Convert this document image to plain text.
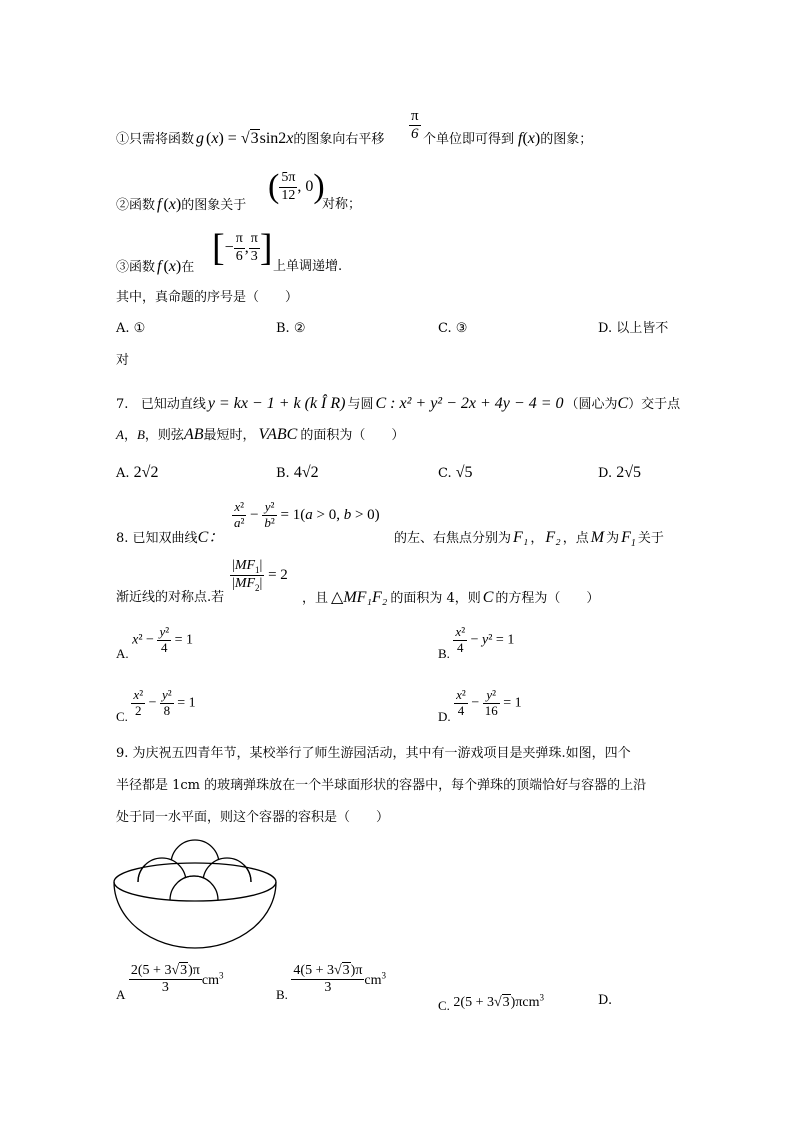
①只需将函数 g (x) = √3sin2x的图象向右平移 $\frac{\pi}{6}$ 个单位即可得到 f(x)的图象；
②函数 f (x)的图象关于
( $\frac{5\pi}{12}$ , 0)
对称；
③函数 f (x)在 [− $\frac{\pi}{6}$ , $\frac{\pi}{3}$ ] 上单调递增.
其中，真命题的序号是（　　）
A. ①	B. ②	C. ③	D. 以上皆不
对
7. 已知动直线 y = kx − 1 + k (k Î R) 与圆 C : x² + y² − 2x + 4y − 4 = 0 （圆心为C）交于点
A，B，则弦AB最短时， VABC 的面积为（　　）
A. 2√2	B. 4√2	C. √5	D. 2√5
8. 已知双曲线C：
$\frac{\text{x²}}{\text{a²}} - \frac{\text{y²}}{\text{b²}} = 1(a > 0$, b > 0)
的左、右焦点分别为 F₁ ， F₂ ，点 M 为 $F_1$ 关于
渐近线的对称点.若
$\frac{|MF_1|}{|MF_2|} = 2$
，且 △MF₁F₂ 的面积为 4，则 C 的方程为（　　）
A. $x^2 - \frac{\text{y²}}{4} = 1$
B. $\frac{\text{x²}}{4} - y^2 = 1$
C. $\frac{\text{x²}}{2} - \frac{\text{y²}}{8} = 1$
D. $\frac{\text{x²}}{4} - \frac{\text{y²}}{16} = 1$
9. 为庆祝五四青年节，某校举行了师生游园活动，其中有一游戏项目是夹弹珠.如图，四个
半径都是 1cm 的玻璃弹珠放在一个半球面形状的容器中，每个弹珠的顶端恰好与容器的上沿
处于同一水平面，则这个容器的容积是（　　）
A $\frac{2(5 + 3√3)\pi}{3} cm^3$
B. $\frac{4(5 + 3√3)\pi}{3} cm^3$
C. 2(5 + 3√3)πcm$^3$	D.
